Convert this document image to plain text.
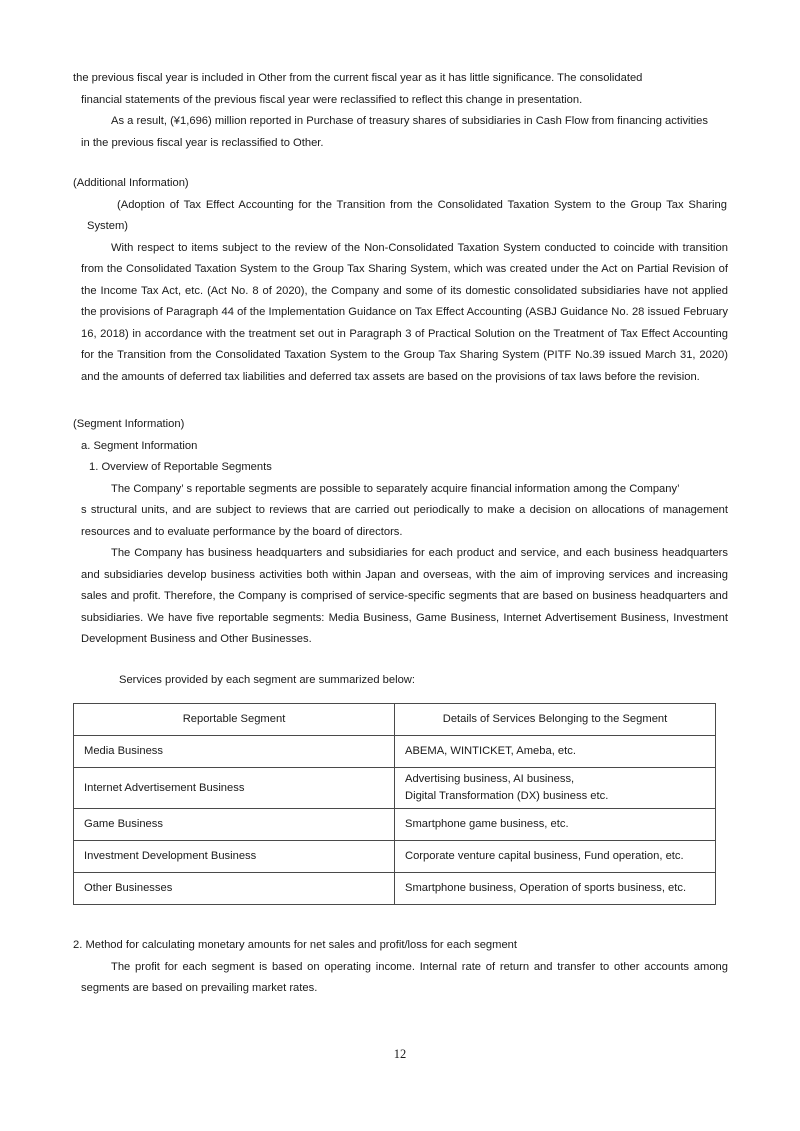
the previous fiscal year is included in Other from the current fiscal year as it has little significance. The consolidated

financial statements of the previous fiscal year were reclassified to reflect this change in presentation.

As a result, (¥1,696) million reported in Purchase of treasury shares of subsidiaries in Cash Flow from financing activities

in the previous fiscal year is reclassified to Other.

(Additional Information)

(Adoption of Tax Effect Accounting for the Transition from the Consolidated Taxation System to the Group Tax Sharing System)

With respect to items subject to the review of the Non-Consolidated Taxation System conducted to coincide with transition from the Consolidated Taxation System to the Group Tax Sharing System, which was created under the Act on Partial Revision of the Income Tax Act, etc. (Act No. 8 of 2020), the Company and some of its domestic consolidated subsidiaries have not applied the provisions of Paragraph 44 of the Implementation Guidance on Tax Effect Accounting (ASBJ Guidance No. 28 issued February 16, 2018) in accordance with the treatment set out in Paragraph 3 of Practical Solution on the Treatment of Tax Effect Accounting for the Transition from the Consolidated Taxation System to the Group Tax Sharing System (PITF No.39 issued March 31, 2020) and the amounts of deferred tax liabilities and deferred tax assets are based on the provisions of tax laws before the revision.

(Segment Information)

a. Segment Information

1. Overview of Reportable Segments

The Company’ s reportable segments are possible to separately acquire financial information among the Company’

s structural units, and are subject to reviews that are carried out periodically to make a decision on allocations of management resources and to evaluate performance by the board of directors.

The Company has business headquarters and subsidiaries for each product and service, and each business headquarters and subsidiaries develop business activities both within Japan and overseas, with the aim of improving services and increasing sales and profit. Therefore, the Company is comprised of service-specific segments that are based on business headquarters and subsidiaries. We have five reportable segments: Media Business, Game Business, Internet Advertisement Business, Investment Development Business and Other Businesses.

Services provided by each segment are summarized below:

Reportable Segment	Details of Services Belonging to the Segment
Media Business	ABEMA, WINTICKET, Ameba, etc.

Internet Advertisement Business	Advertising business, AI business,
Digital Transformation (DX) business etc.

Game Business	Smartphone game business, etc.

Investment Development Business	Corporate venture capital business, Fund operation, etc.

Other Businesses	Smartphone business, Operation of sports business, etc.

2. Method for calculating monetary amounts for net sales and profit/loss for each segment

The profit for each segment is based on operating income. Internal rate of return and transfer to other accounts among segments are based on prevailing market rates.

12
